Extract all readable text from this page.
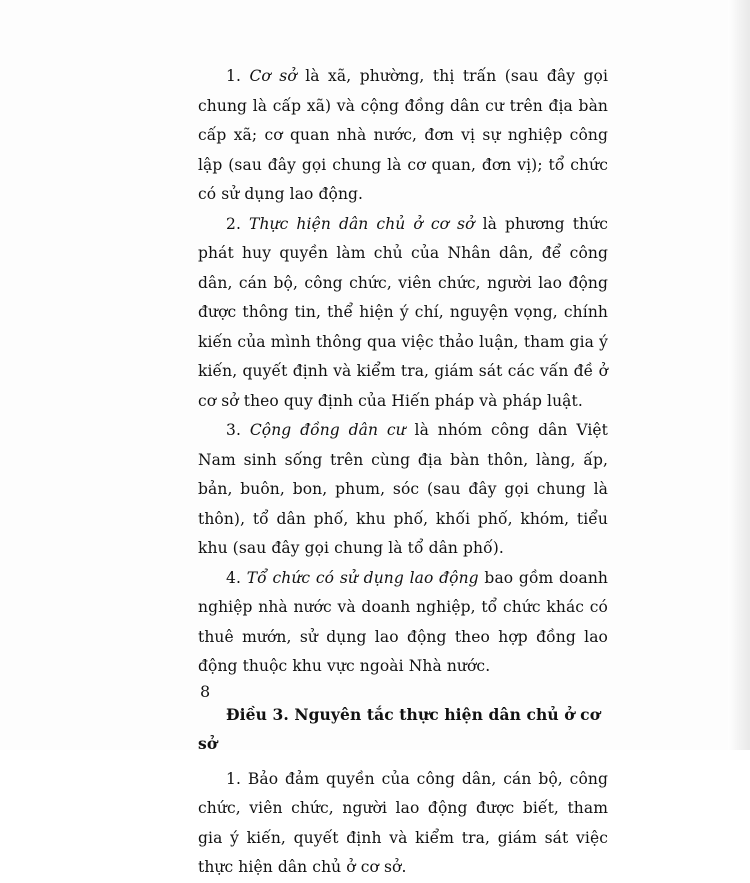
1. Cơ sở là xã, phường, thị trấn (sau đây gọi chung là cấp xã) và cộng đồng dân cư trên địa bàn cấp xã; cơ quan nhà nước, đơn vị sự nghiệp công lập (sau đây gọi chung là cơ quan, đơn vị); tổ chức có sử dụng lao động.

2. Thực hiện dân chủ ở cơ sở là phương thức phát huy quyền làm chủ của Nhân dân, để công dân, cán bộ, công chức, viên chức, người lao động được thông tin, thể hiện ý chí, nguyện vọng, chính kiến của mình thông qua việc thảo luận, tham gia ý kiến, quyết định và kiểm tra, giám sát các vấn đề ở cơ sở theo quy định của Hiến pháp và pháp luật.

3. Cộng đồng dân cư là nhóm công dân Việt Nam sinh sống trên cùng địa bàn thôn, làng, ấp, bản, buôn, bon, phum, sóc (sau đây gọi chung là thôn), tổ dân phố, khu phố, khối phố, khóm, tiểu khu (sau đây gọi chung là tổ dân phố).

4. Tổ chức có sử dụng lao động bao gồm doanh nghiệp nhà nước và doanh nghiệp, tổ chức khác có thuê mướn, sử dụng lao động theo hợp đồng lao động thuộc khu vực ngoài Nhà nước.

Điều 3. Nguyên tắc thực hiện dân chủ ở cơ sở

1. Bảo đảm quyền của công dân, cán bộ, công chức, viên chức, người lao động được biết, tham gia ý kiến, quyết định và kiểm tra, giám sát việc thực hiện dân chủ ở cơ sở.

8
